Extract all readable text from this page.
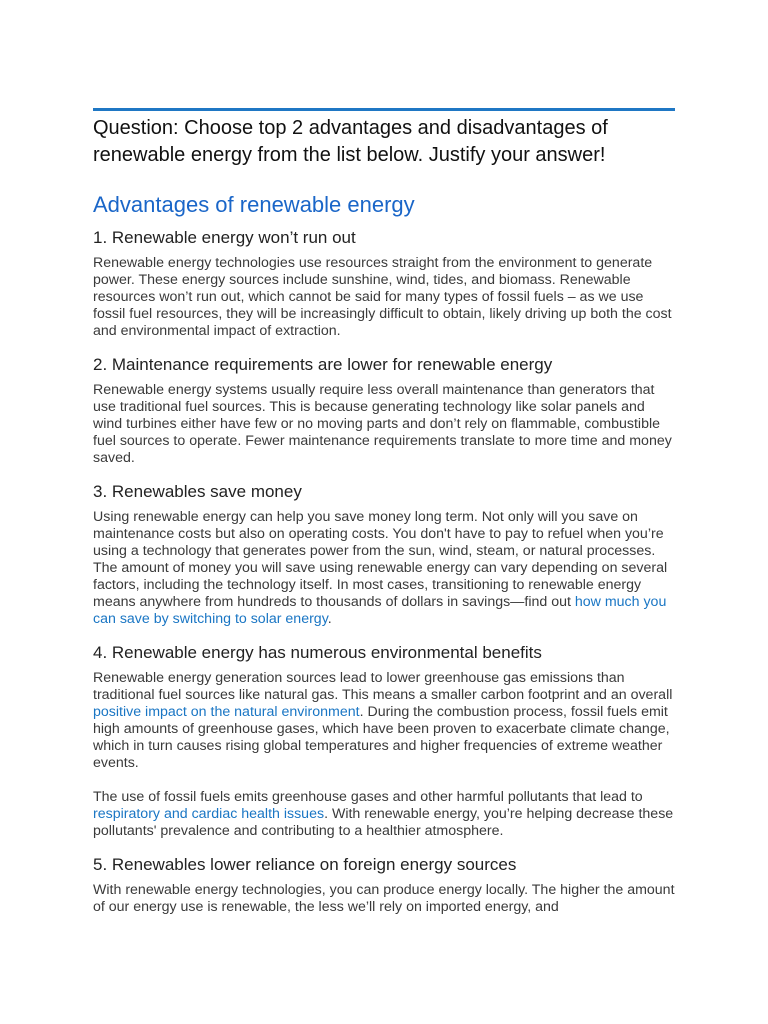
Question: Choose top 2 advantages and disadvantages of renewable energy from the list below. Justify your answer!

Advantages of renewable energy
1. Renewable energy won’t run out

Renewable energy technologies use resources straight from the environment to generate power. These energy sources include sunshine, wind, tides, and biomass. Renewable resources won’t run out, which cannot be said for many types of fossil fuels – as we use fossil fuel resources, they will be increasingly difficult to obtain, likely driving up both the cost and environmental impact of extraction.

2. Maintenance requirements are lower for renewable energy

Renewable energy systems usually require less overall maintenance than generators that use traditional fuel sources. This is because generating technology like solar panels and wind turbines either have few or no moving parts and don’t rely on flammable, combustible fuel sources to operate. Fewer maintenance requirements translate to more time and money saved.

3. Renewables save money

Using renewable energy can help you save money long term. Not only will you save on maintenance costs but also on operating costs. You don't have to pay to refuel when you’re using a technology that generates power from the sun, wind, steam, or natural processes. The amount of money you will save using renewable energy can vary depending on several factors, including the technology itself. In most cases, transitioning to renewable energy means anywhere from hundreds to thousands of dollars in savings—find out how much you can save by switching to solar energy.

4. Renewable energy has numerous environmental benefits

Renewable energy generation sources lead to lower greenhouse gas emissions than traditional fuel sources like natural gas. This means a smaller carbon footprint and an overall positive impact on the natural environment. During the combustion process, fossil fuels emit high amounts of greenhouse gases, which have been proven to exacerbate climate change, which in turn causes rising global temperatures and higher frequencies of extreme weather events.

The use of fossil fuels emits greenhouse gases and other harmful pollutants that lead to respiratory and cardiac health issues. With renewable energy, you’re helping decrease these pollutants' prevalence and contributing to a healthier atmosphere.

5. Renewables lower reliance on foreign energy sources

With renewable energy technologies, you can produce energy locally. The higher the amount of our energy use is renewable, the less we’ll rely on imported energy, and
